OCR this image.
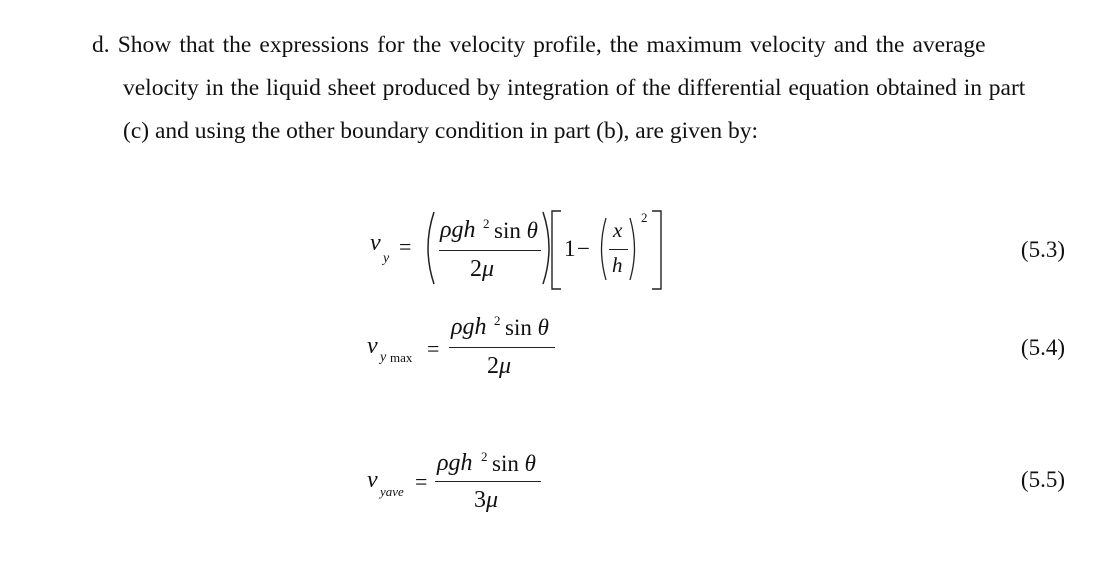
d. Show that the expressions for the velocity profile, the maximum velocity and the average
velocity in the liquid sheet produced by integration of the differential equation obtained in part
(c) and using the other boundary condition in part (b), are given by:
v
y =
ρgh 2 sin θ
2μ
1 −
x
h
2
(5.3)
v y max =
ρgh 2 sin θ
2μ
(5.4)
v yave =
ρgh 2 sin θ
3μ
(5.5)
